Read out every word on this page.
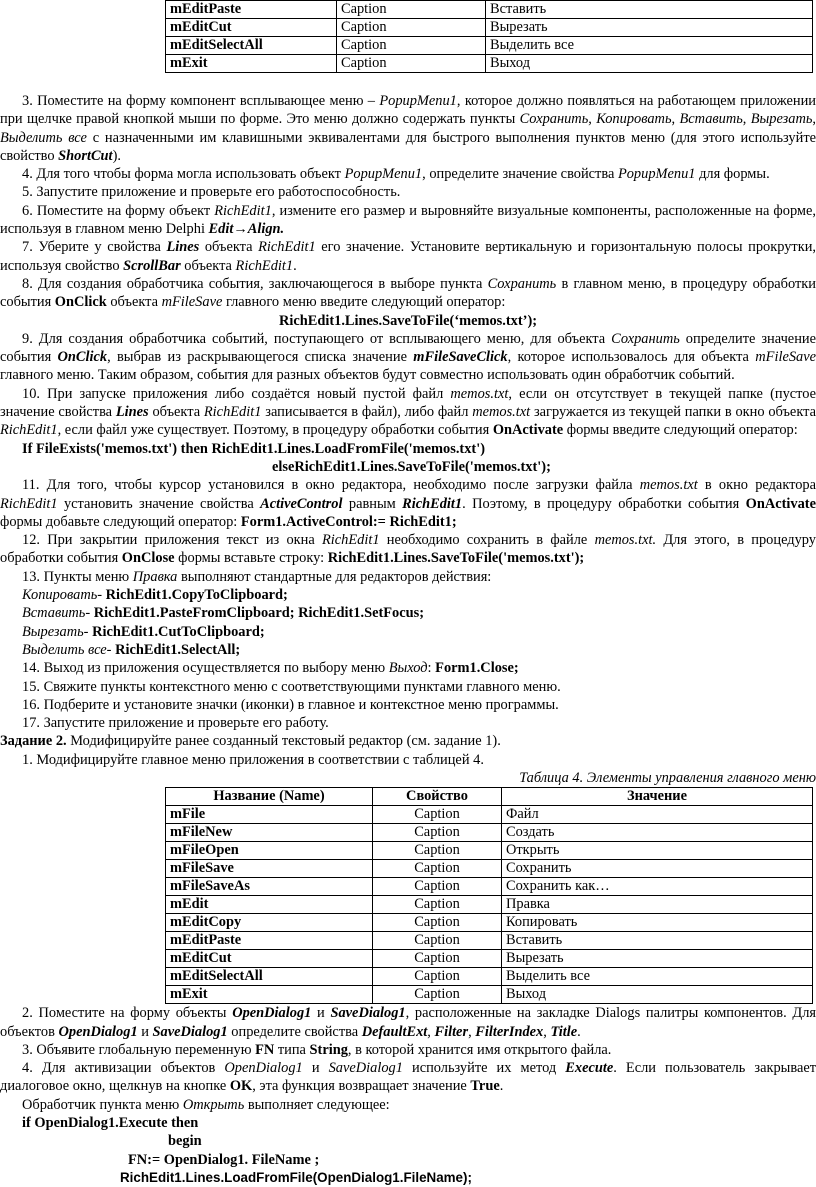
mEditPaste	Caption	Вставить
mEditCut	Caption	Вырезать
mEditSelectAll	Caption	Выделить все
mExit	Caption	Выход

3. Поместите на форму компонент всплывающее меню – PopupMenu1, которое должно появляться на работающем приложении при щелчке правой кнопкой мыши по форме. Это меню должно содержать пункты Сохранить, Копировать, Вставить, Вырезать, Выделить все с назначенными им клавишными эквивалентами для быстрого выполнения пунктов меню (для этого используйте свойство ShortCut).

4. Для того чтобы форма могла использовать объект PopupMenu1, определите значение свойства PopupMenu1 для формы.

5. Запустите приложение и проверьте его работоспособность.

6. Поместите на форму объект RichEdit1, измените его размер и выровняйте визуальные компоненты, расположенные на форме, используя в главном меню Delphi Edit→Align.

7. Уберите у свойства Lines объекта RichEdit1 его значение. Установите вертикальную и горизонтальную полосы прокрутки, используя свойство ScrollBar объекта RichEdit1.

8. Для создания обработчика события, заключающегося в выборе пункта Сохранить в главном меню, в процедуру обработки события OnClick объекта mFileSave главного меню введите следующий оператор:

RichEdit1.Lines.SaveToFile(‘memos.txt’);

9. Для создания обработчика событий, поступающего от всплывающего меню, для объекта Сохранить определите значение события OnClick, выбрав из раскрывающегося списка значение mFileSaveClick, которое использовалось для объекта mFileSave главного меню. Таким образом, события для разных объектов будут совместно использовать один обработчик событий.

10. При запуске приложения либо создаётся новый пустой файл memos.txt, если он отсутствует в текущей папке (пустое значение свойства Lines объекта RichEdit1 записывается в файл), либо файл memos.txt загружается из текущей папки в окно объекта RichEdit1, если файл уже существует. Поэтому, в процедуру обработки события OnActivate формы введите следующий оператор:

If FileExists('memos.txt') then RichEdit1.Lines.LoadFromFile('memos.txt')

elseRichEdit1.Lines.SaveToFile('memos.txt');

11. Для того, чтобы курсор установился в окно редактора, необходимо после загрузки файла memos.txt в окно редактора RichEdit1 установить значение свойства ActiveControl равным RichEdit1. Поэтому, в процедуру обработки события OnActivate формы добавьте следующий оператор: Form1.ActiveControl:= RichEdit1;

12. При закрытии приложения текст из окна RichEdit1 необходимо сохранить в файле memos.txt. Для этого, в процедуру обработки события OnClose формы вставьте строку: RichEdit1.Lines.SaveToFile('memos.txt');

13. Пункты меню Правка выполняют стандартные для редакторов действия:

Копировать- RichEdit1.CopyToClipboard;

Вставить- RichEdit1.PasteFromClipboard; RichEdit1.SetFocus;

Вырезать- RichEdit1.CutToClipboard;

Выделить все- RichEdit1.SelectAll;

14. Выход из приложения осуществляется по выбору меню Выход: Form1.Close;

15. Свяжите пункты контекстного меню с соответствующими пунктами главного меню.

16. Подберите и установите значки (иконки) в главное и контекстное меню программы.

17. Запустите приложение и проверьте его работу.

Задание 2. Модифицируйте ранее созданный текстовый редактор (см. задание 1).

1. Модифицируйте главное меню приложения в соответствии с таблицей 4.

Таблица 4. Элементы управления главного меню

Название (Name)	Свойство	Значение
mFile	Caption	Файл
mFileNew	Caption	Создать
mFileOpen	Caption	Открыть
mFileSave	Caption	Сохранить
mFileSaveAs	Caption	Сохранить как…
mEdit	Caption	Правка
mEditCopy	Caption	Копировать
mEditPaste	Caption	Вставить
mEditCut	Caption	Вырезать
mEditSelectAll	Caption	Выделить все
mExit	Caption	Выход

2. Поместите на форму объекты OpenDialog1 и SaveDialog1, расположенные на закладке Dialogs палитры компонентов. Для объектов OpenDialog1 и SaveDialog1 определите свойства DefaultExt, Filter, FilterIndex, Title.

3. Объявите глобальную переменную FN типа String, в которой хранится имя открытого файла.

4. Для активизации объектов OpenDialog1 и SaveDialog1 используйте их метод Execute. Если пользователь закрывает диалоговое окно, щелкнув на кнопке OK, эта функция возвращает значение True.

Обработчик пункта меню Открыть выполняет следующее:

if OpenDialog1.Execute then

begin

FN:= OpenDialog1. FileName ;

RichEdit1.Lines.LoadFromFile(OpenDialog1.FileName);
